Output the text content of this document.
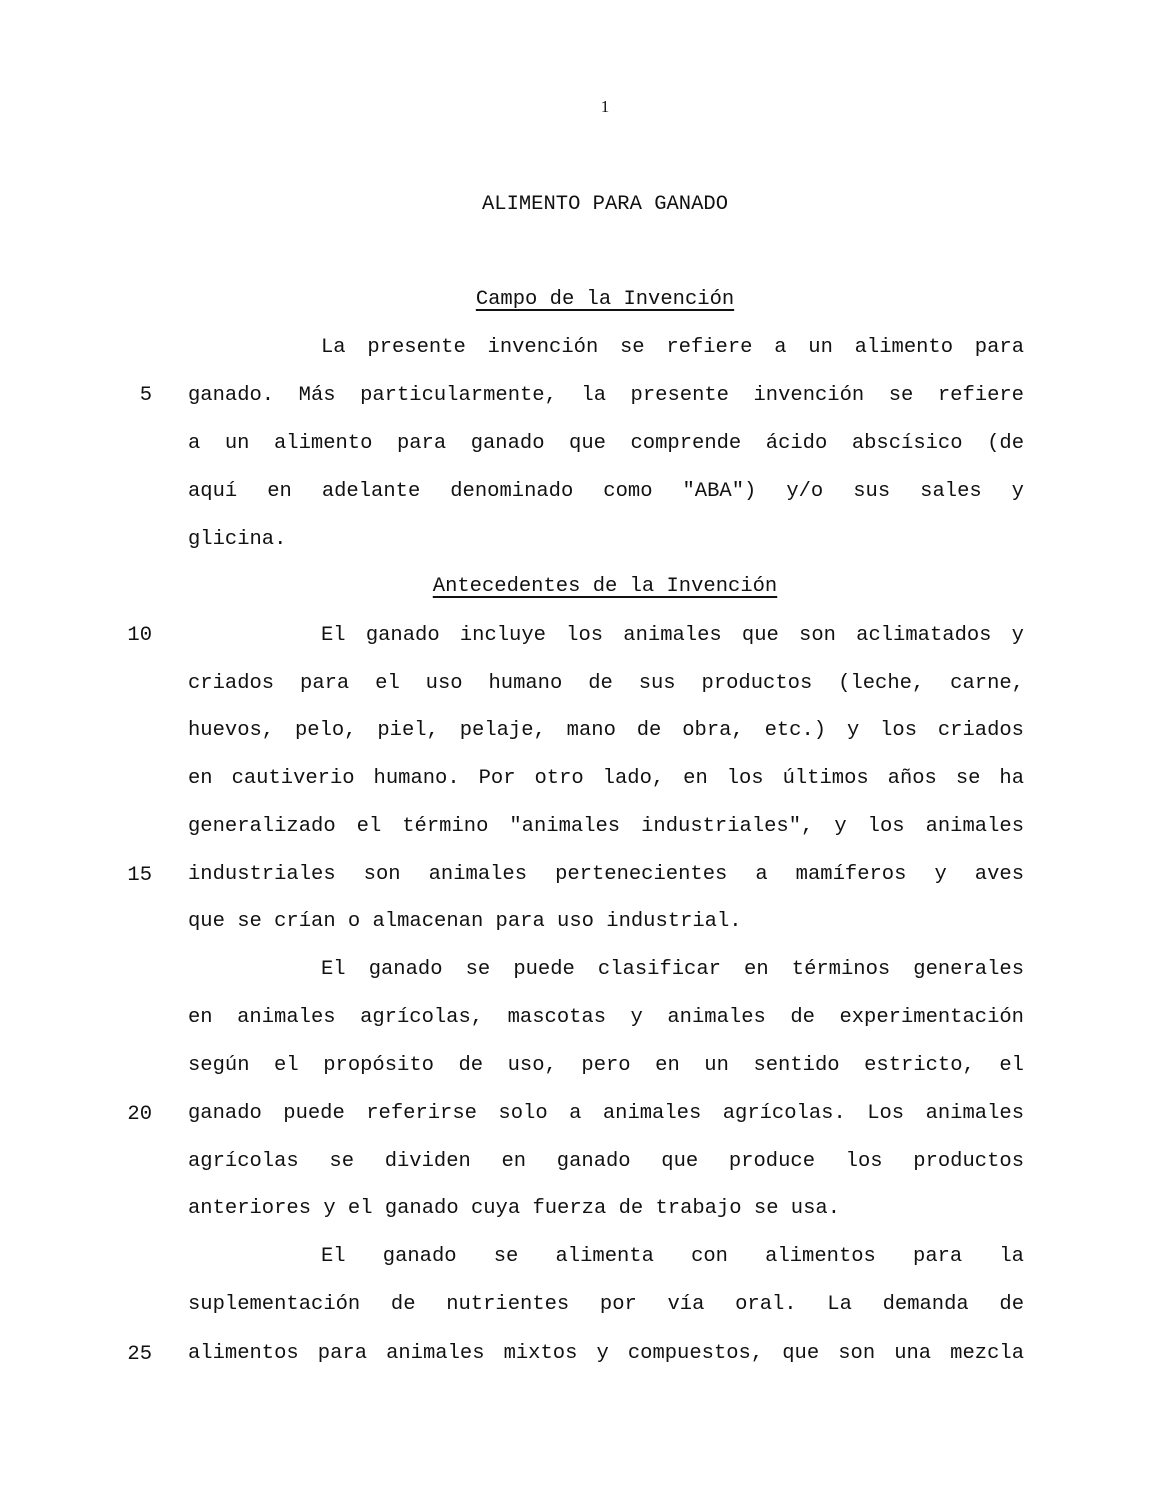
1
ALIMENTO PARA GANADO
Campo de la Invención
La presente invención se refiere a un alimento para
5 ganado. Más particularmente, la presente invención se refiere
a un alimento para ganado que comprende ácido abscísico (de
aquí en adelante denominado como "ABA") y/o sus sales y
glicina.
Antecedentes de la Invención
10	El ganado incluye los animales que son aclimatados y
criados para el uso humano de sus productos (leche, carne,
huevos, pelo, piel, pelaje, mano de obra, etc.) y los criados
en cautiverio humano. Por otro lado, en los últimos años se ha
generalizado el término "animales industriales", y los animales
15 industriales son animales pertenecientes a mamíferos y aves
que se crían o almacenan para uso industrial.
El ganado se puede clasificar en términos generales
en animales agrícolas, mascotas y animales de experimentación
según el propósito de uso, pero en un sentido estricto, el
20 ganado puede referirse solo a animales agrícolas. Los animales
agrícolas se dividen en ganado que produce los productos
anteriores y el ganado cuya fuerza de trabajo se usa.
El ganado se alimenta con alimentos para la
suplementación de nutrientes por vía oral. La demanda de
25 alimentos para animales mixtos y compuestos, que son una mezcla
